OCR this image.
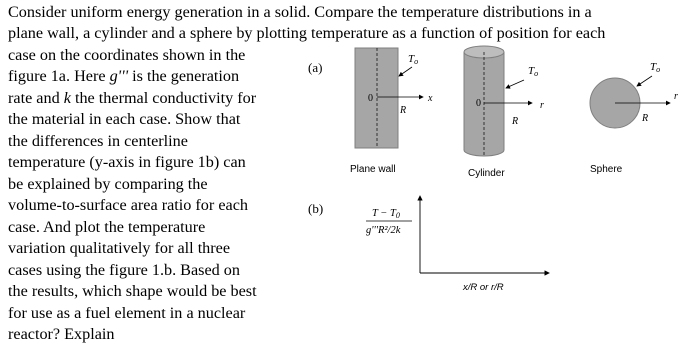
Consider uniform energy generation in a solid. Compare the temperature distributions in a
plane wall, a cylinder and a sphere by plotting temperature as a function of position for each
case on the coordinates shown in the
figure 1a. Here g''' is the generation
rate and k the thermal conductivity for
the material in each case. Show that
the differences in centerline
temperature (y-axis in figure 1b) can
be explained by comparing the
volume-to-surface area ratio for each
case. And plot the temperature
variation qualitatively for all three
cases using the figure 1.b. Based on
the results, which shape would be best
for use as a fuel element in a nuclear
reactor? Explain
(a)
To
0
R
x
Plane wall
To
0
R
r
Cylinder
To
R
r
Sphere
(b)	T − T0
g'''R²/2k
x/R or r/R
